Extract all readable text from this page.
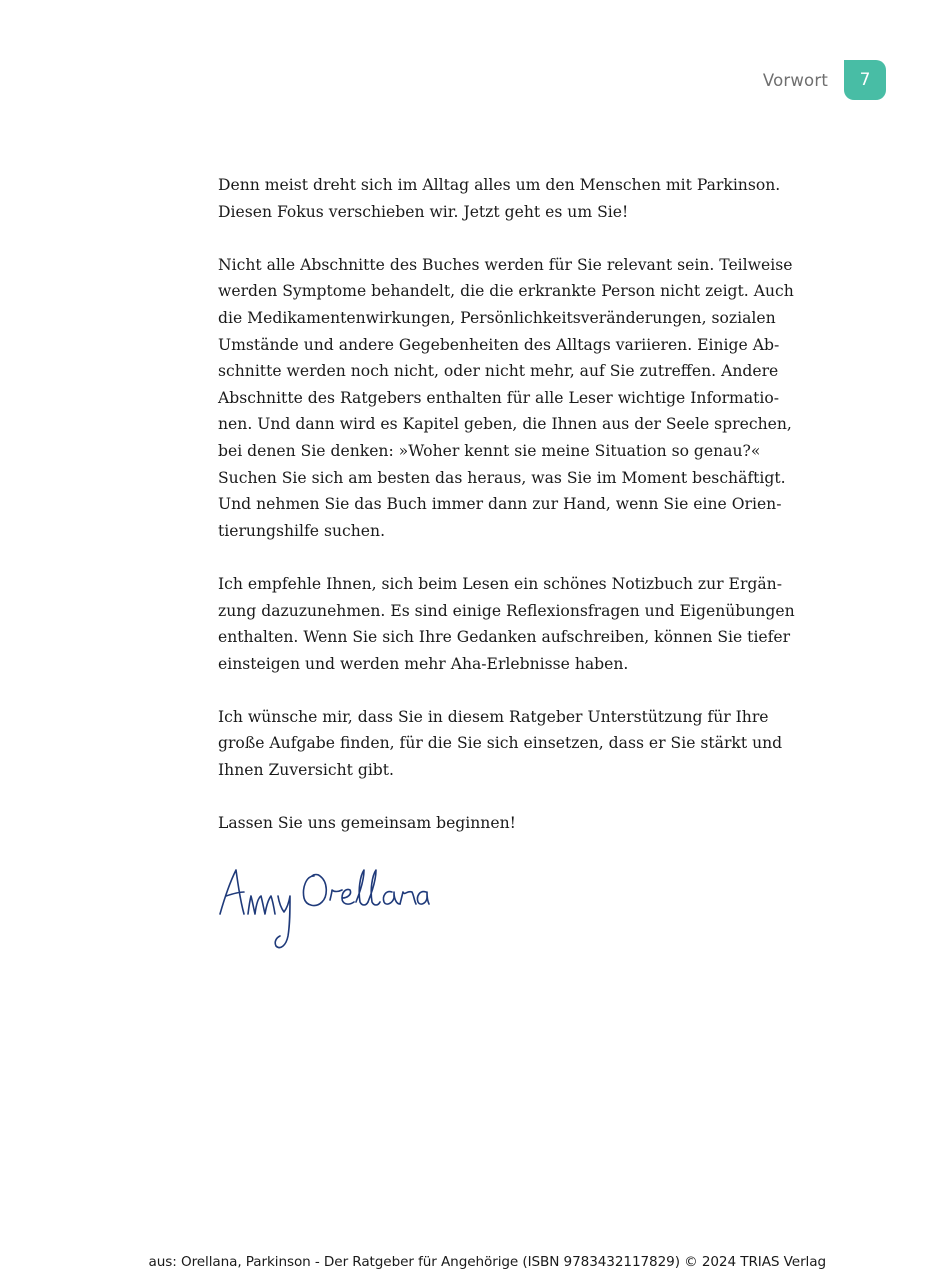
Vorwort	7

Denn meist dreht sich im Alltag alles um den Menschen mit Parkinson.
Diesen Fokus verschieben wir. Jetzt geht es um Sie!

Nicht alle Abschnitte des Buches werden für Sie relevant sein. Teilweise
werden Symptome behandelt, die die erkrankte Person nicht zeigt. Auch
die Medikamentenwirkungen, Persönlichkeitsveränderungen, sozialen
Umstände und andere Gegebenheiten des Alltags variieren. Einige Ab-
schnitte werden noch nicht, oder nicht mehr, auf Sie zutreffen. Andere
Abschnitte des Ratgebers enthalten für alle Leser wichtige Informatio-
nen. Und dann wird es Kapitel geben, die Ihnen aus der Seele sprechen,
bei denen Sie denken: »Woher kennt sie meine Situation so genau?«
Suchen Sie sich am besten das heraus, was Sie im Moment beschäftigt.
Und nehmen Sie das Buch immer dann zur Hand, wenn Sie eine Orien-
tierungshilfe suchen.

Ich empfehle Ihnen, sich beim Lesen ein schönes Notizbuch zur Ergän-
zung dazuzunehmen. Es sind einige Reflexionsfragen und Eigenübungen
enthalten. Wenn Sie sich Ihre Gedanken aufschreiben, können Sie tiefer
einsteigen und werden mehr Aha-Erlebnisse haben.

Ich wünsche mir, dass Sie in diesem Ratgeber Unterstützung für Ihre
große Aufgabe finden, für die Sie sich einsetzen, dass er Sie stärkt und
Ihnen Zuversicht gibt.

Lassen Sie uns gemeinsam beginnen!

aus: Orellana, Parkinson - Der Ratgeber für Angehörige (ISBN 9783432117829) © 2024 TRIAS Verlag
